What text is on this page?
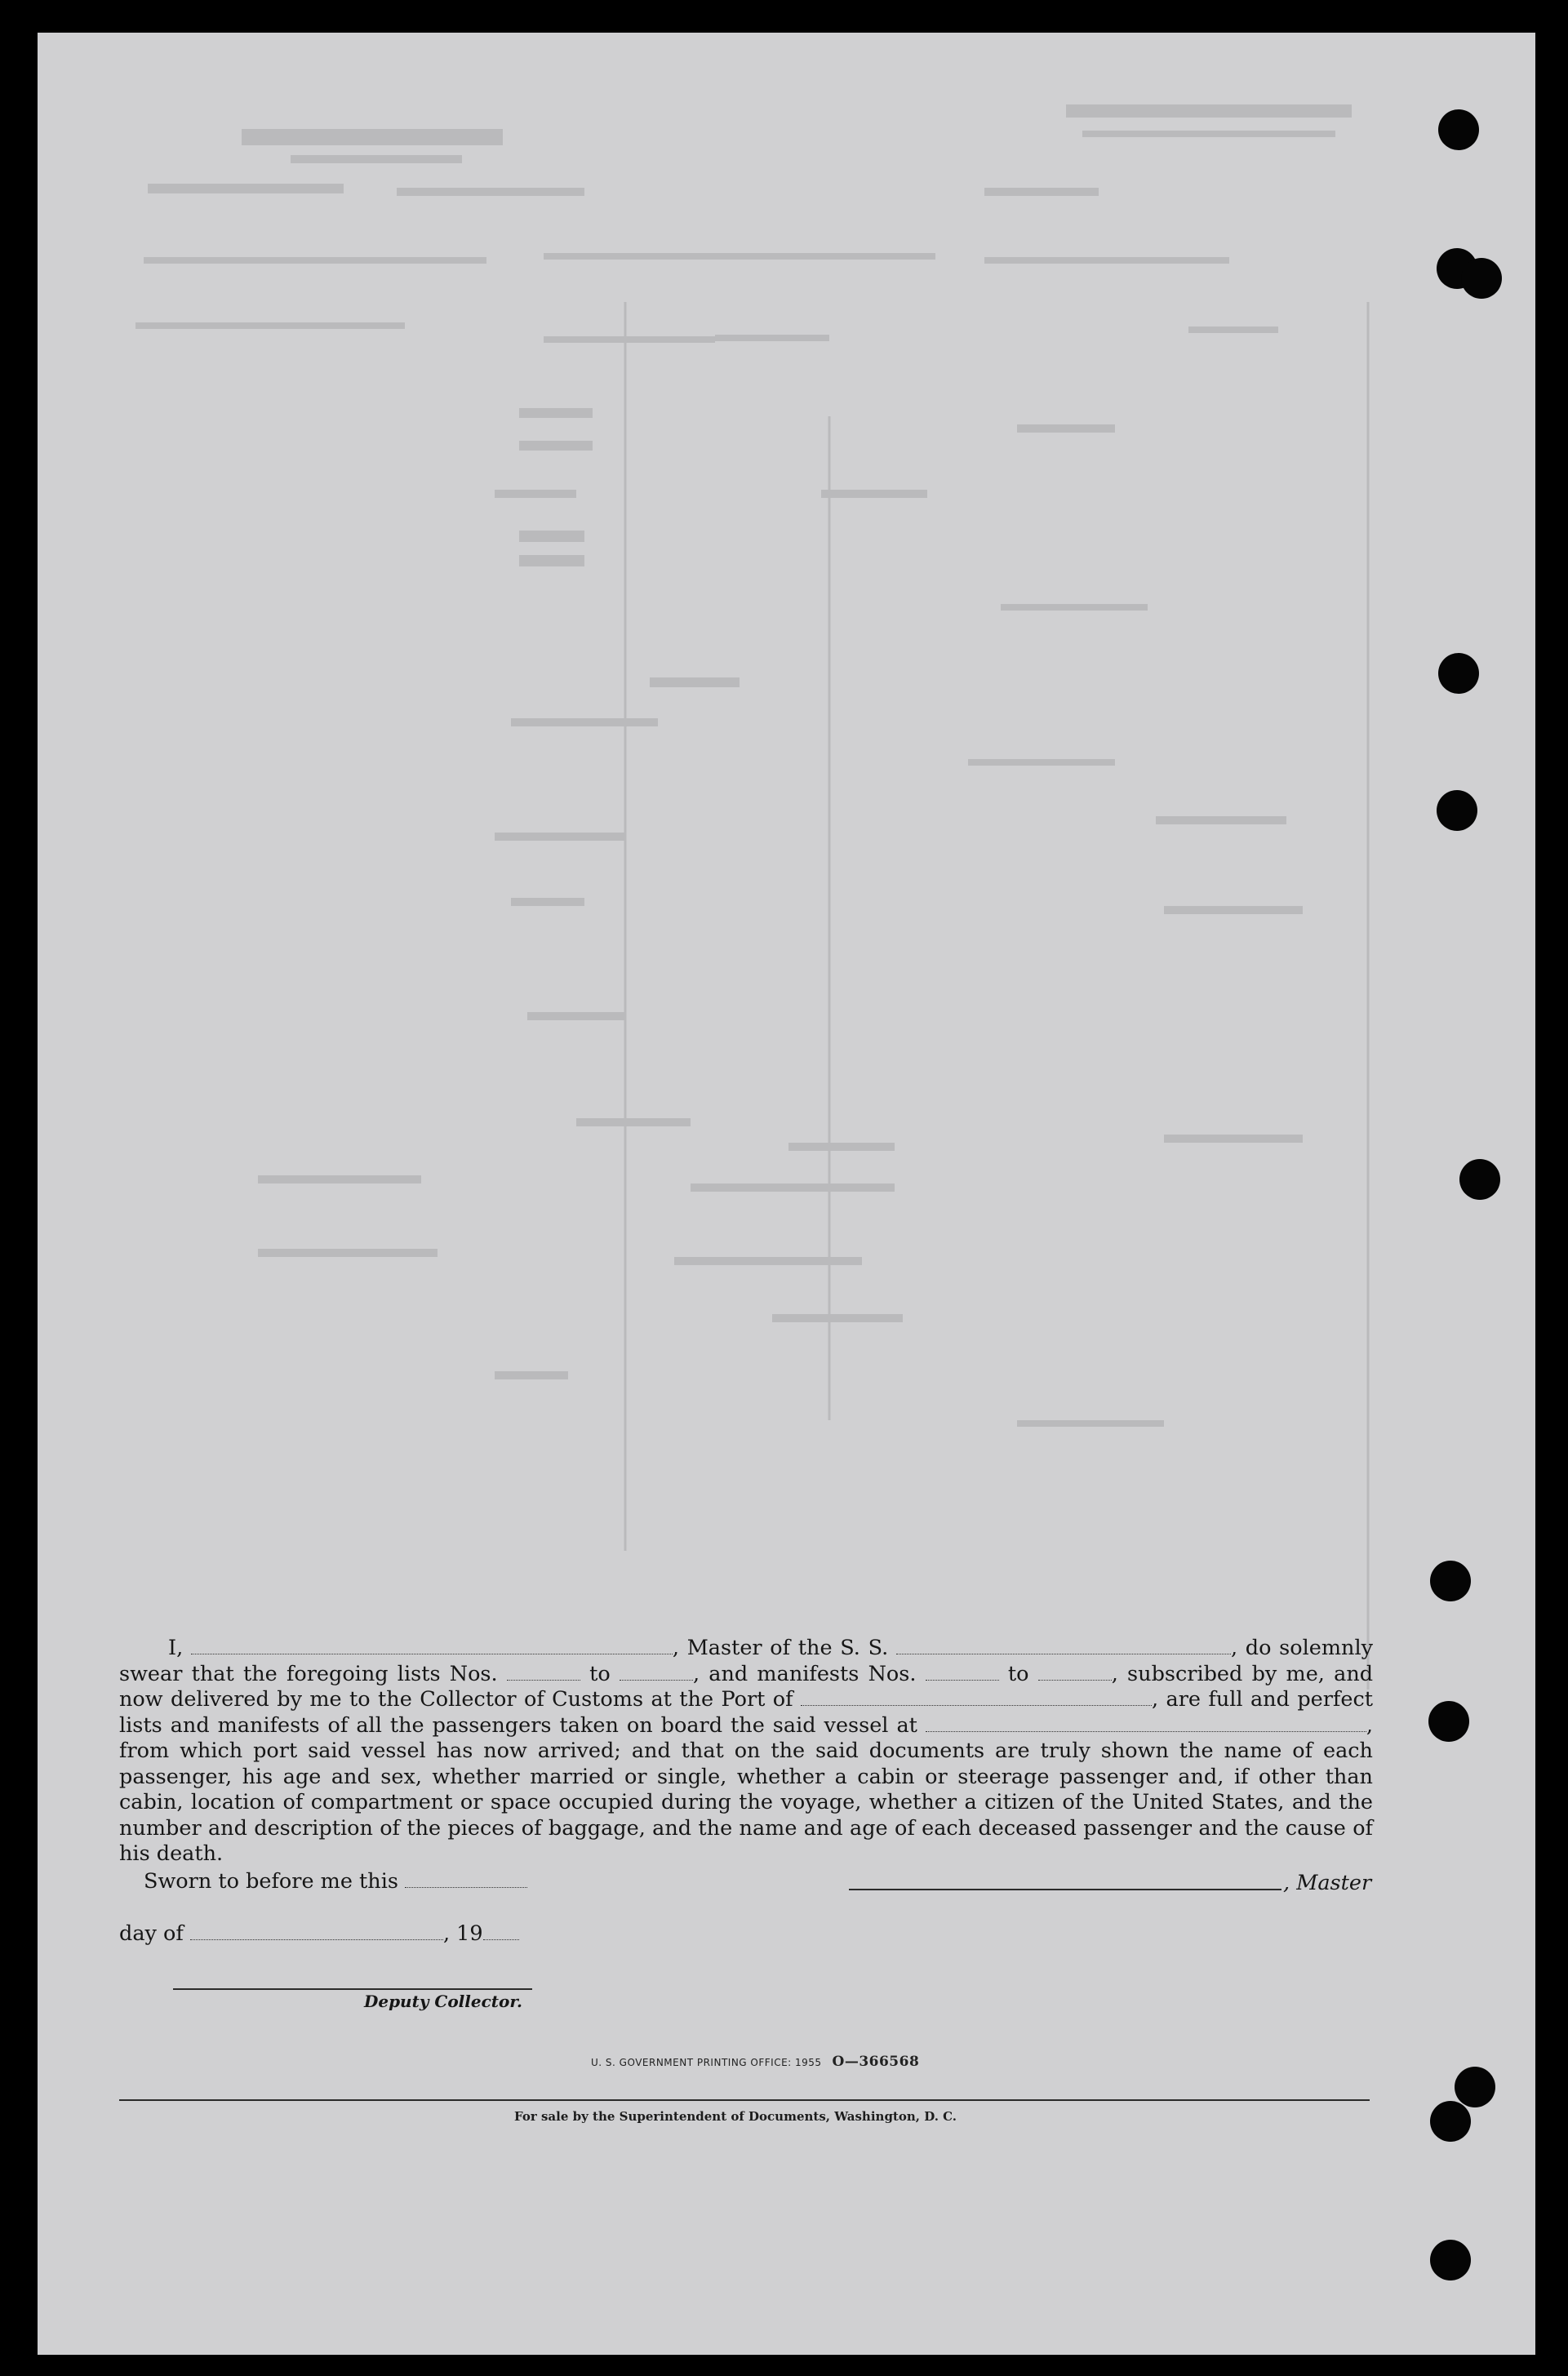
I,	, Master of the S. S.	, do solemnly swear that the foregoing lists Nos.	to	, and manifests Nos.	to	, subscribed by me, and now delivered by me to the Collector of Customs at the Port of	, are full and perfect lists and manifests of all the passengers taken on board the said vessel at	, from which port said vessel has now arrived; and that on the said documents are truly shown the name of each passenger, his age and sex, whether married or single, whether a cabin or steerage passenger and, if other than cabin, location of compartment or space occupied during the voyage, whether a citizen of the United States, and the number and description of the pieces of baggage, and the name and age of each deceased passenger and the cause of his death.
Sworn to before me this	, Master
day of	, 19
Deputy Collector.
U. S. GOVERNMENT PRINTING OFFICE: 1955 O—366568
For sale by the Superintendent of Documents, Washington, D. C.
